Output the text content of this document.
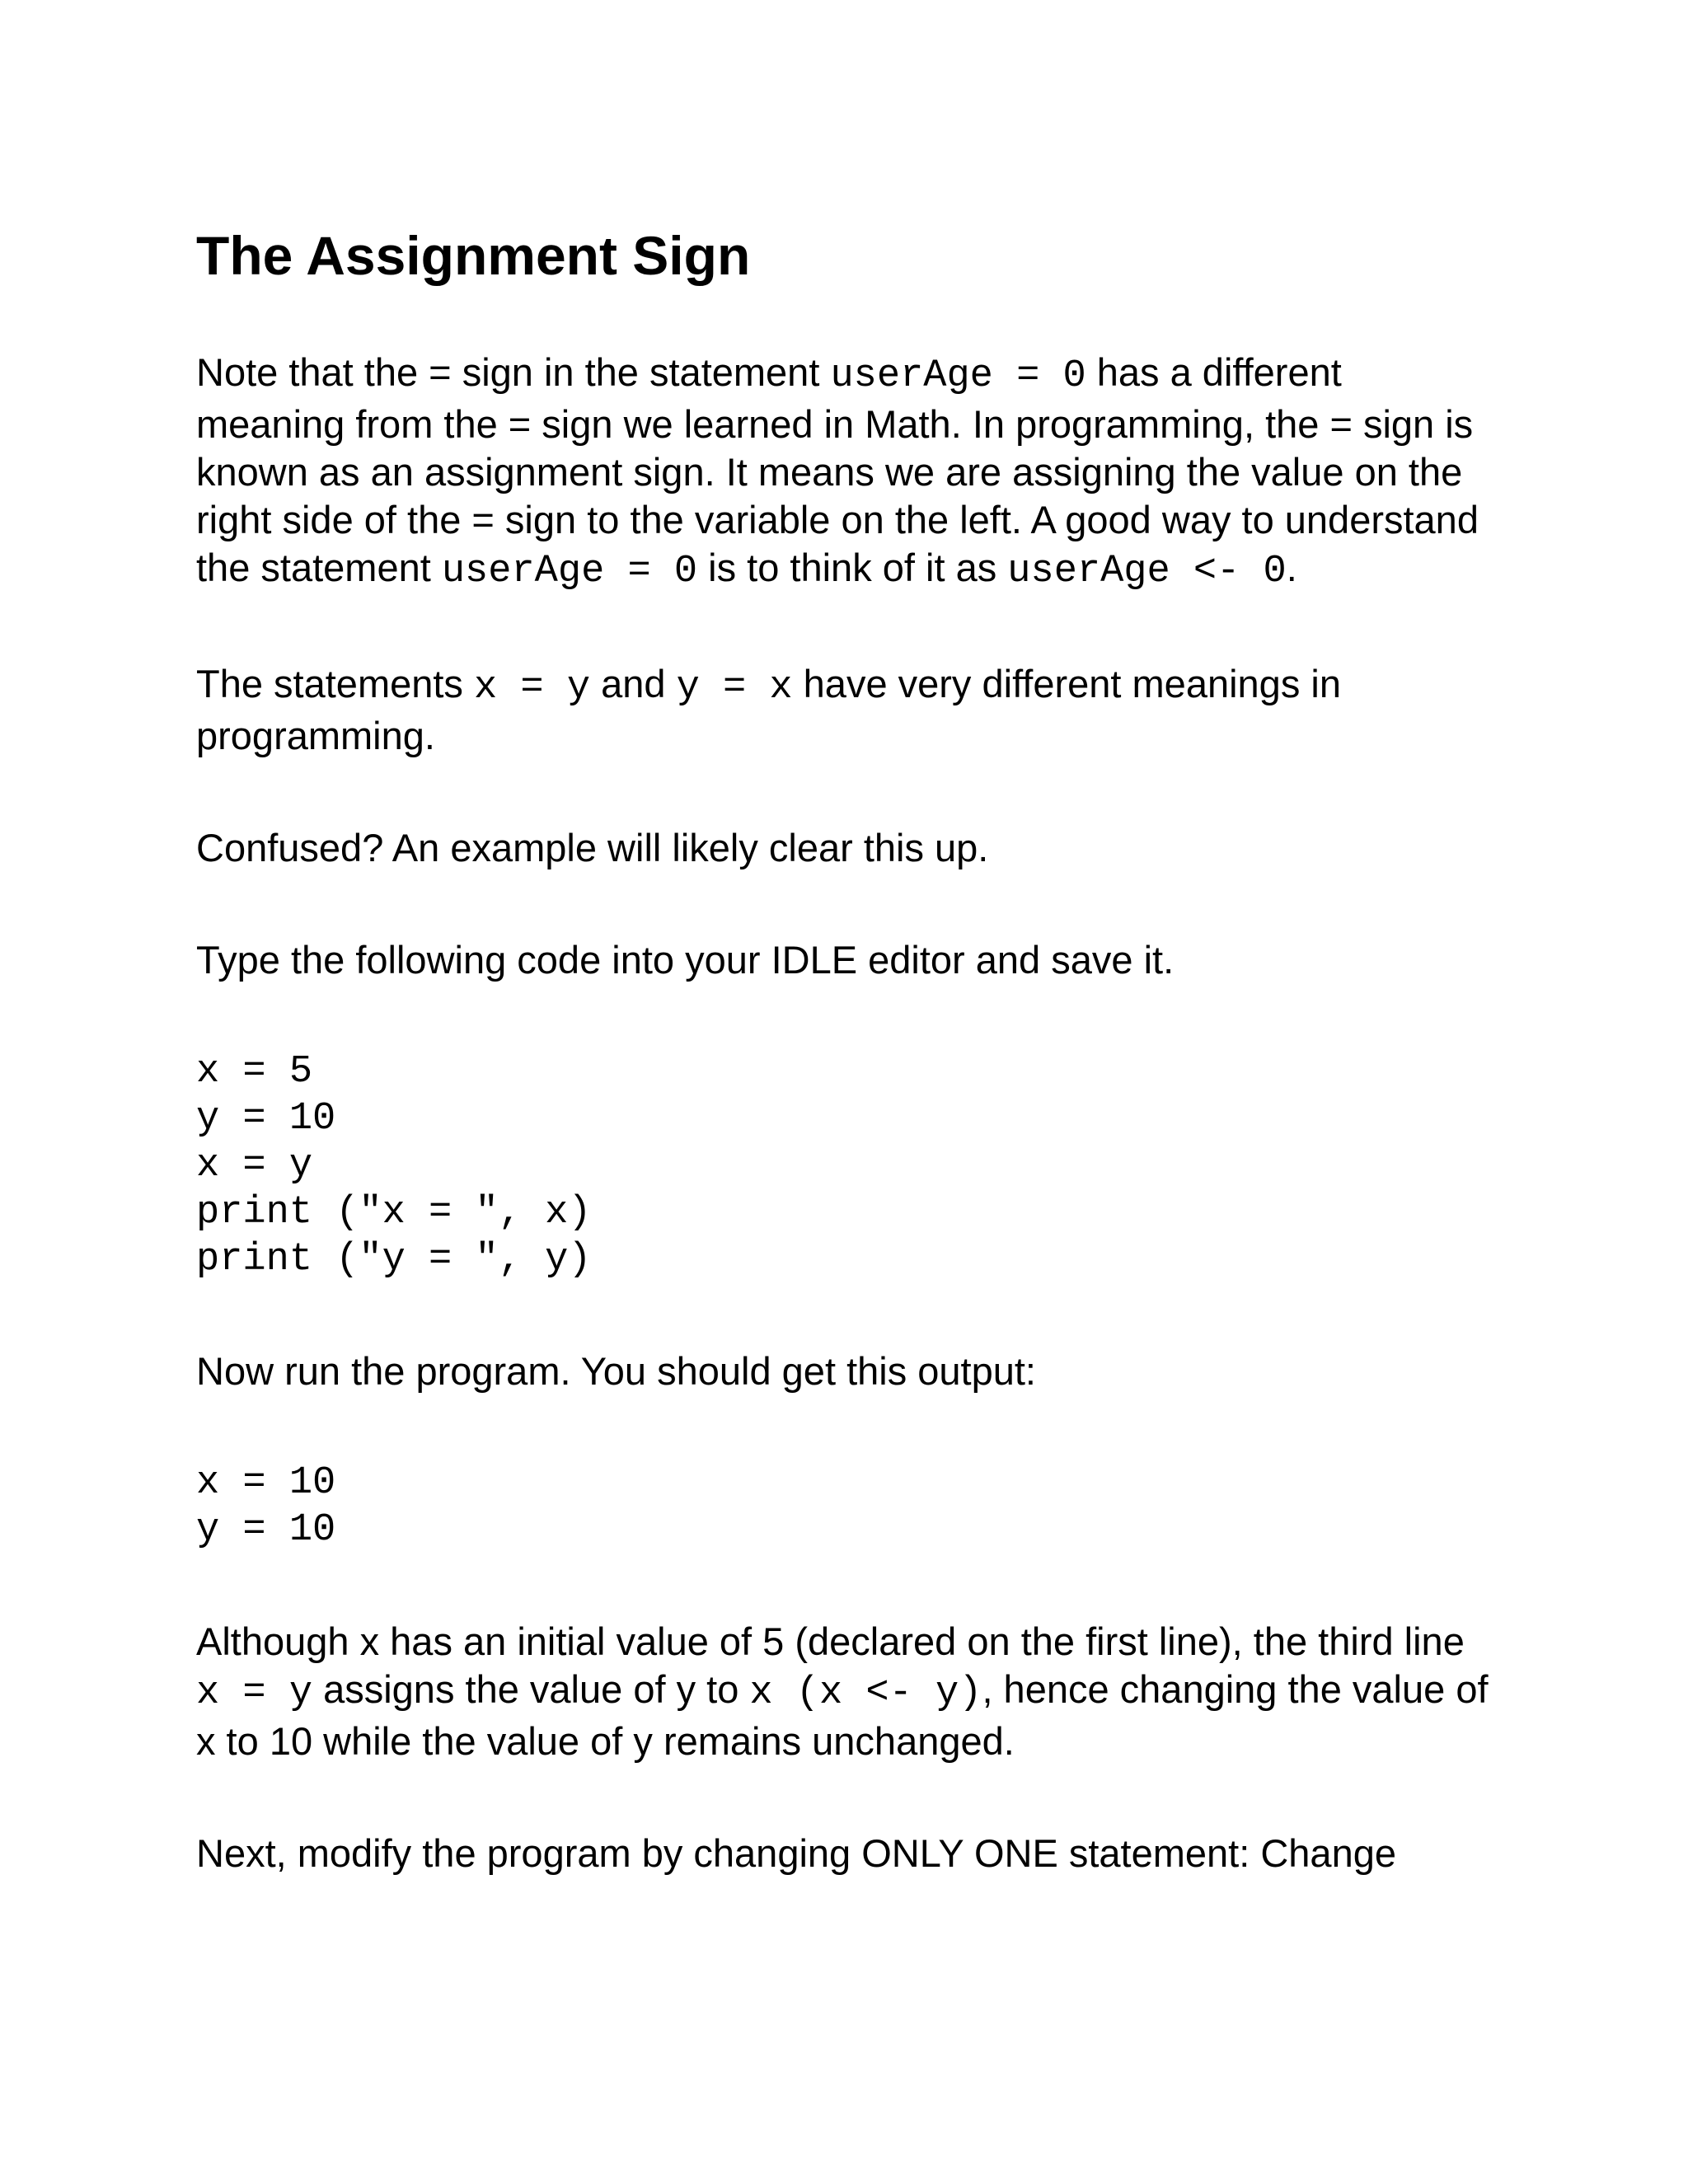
The Assignment Sign

Note that the = sign in the statement userAge = 0 has a different meaning from the = sign we learned in Math. In programming, the = sign is known as an assignment sign. It means we are assigning the value on the right side of the = sign to the variable on the left. A good way to understand the statement userAge = 0 is to think of it as userAge <- 0.

The statements x = y and y = x have very different meanings in programming.

Confused? An example will likely clear this up.

Type the following code into your IDLE editor and save it.

x = 5
y = 10
x = y
print ("x = ", x)
print ("y = ", y)

Now run the program. You should get this output:

x = 10
y = 10

Although x has an initial value of 5 (declared on the first line), the third line x = y assigns the value of y to x (x <- y), hence changing the value of x to 10 while the value of y remains unchanged.

Next, modify the program by changing ONLY ONE statement: Change
